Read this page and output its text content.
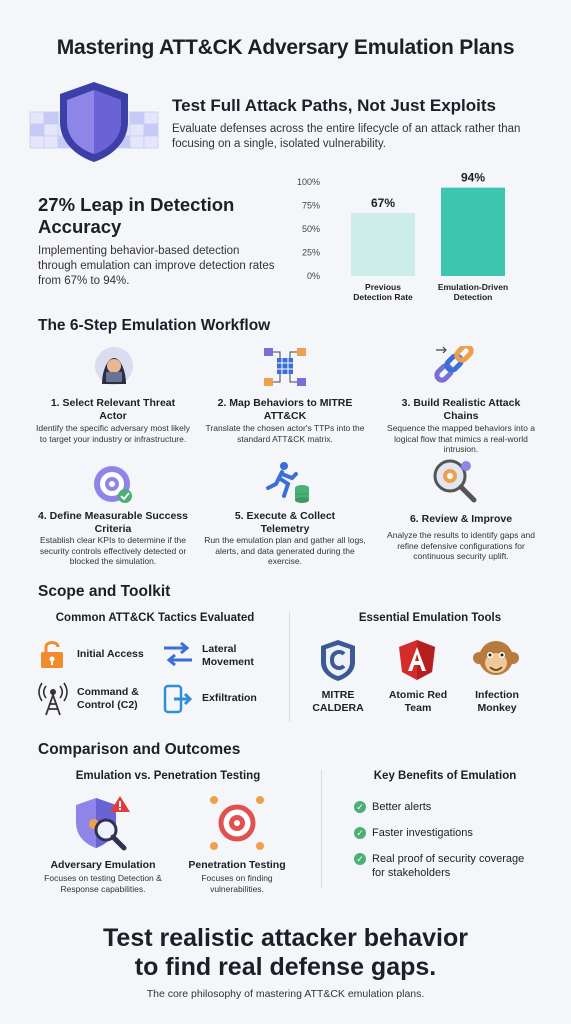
Mastering ATT&CK Adversary Emulation Plans
Test Full Attack Paths, Not Just Exploits
Evaluate defenses across the entire lifecycle of an attack rather than focusing on a single, isolated vulnerability.
27% Leap in Detection Accuracy
Implementing behavior-based detection through emulation can improve detection rates from 67% to 94%.	0%
25%
50%
75%
100%
67%
Previous
Detection Rate
94%
Emulation-Driven
Detection
The 6-Step Emulation Workflow
1. Select Relevant Threat Actor
Identify the specific adversary most likely to target your industry or infrastructure.
2. Map Behaviors to MITRE ATT&CK
Translate the chosen actor's TTPs into the standard ATT&CK matrix.
3. Build Realistic Attack Chains
Sequence the mapped behaviors into a logical flow that mimics a real-world intrusion.
4. Define Measurable Success Criteria
Establish clear KPIs to determine if the security controls effectively detected or blocked the simulation.
5. Execute & Collect Telemetry
Run the emulation plan and gather all logs, alerts, and data generated during the exercise.
6. Review & Improve
Analyze the results to identify gaps and refine defensive configurations for continuous security uplift.
Scope and Toolkit
Common ATT&CK Tactics Evaluated	Essential Emulation Tools
Initial Access	Lateral Movement
Command & Control (C2)
Exfiltration	MITRE CALDERA
Atomic Red Team
Infection Monkey
Comparison and Outcomes
Emulation vs. Penetration Testing	Key Benefits of Emulation
Adversary Emulation
Focuses on testing Detection & Response capabilities.
Penetration Testing
Focuses on finding vulnerabilities.
✓ Better alerts
✓ Faster investigations
✓ Real proof of security coverage for stakeholders
Test realistic attacker behavior to find real defense gaps.
The core philosophy of mastering ATT&CK emulation plans.
